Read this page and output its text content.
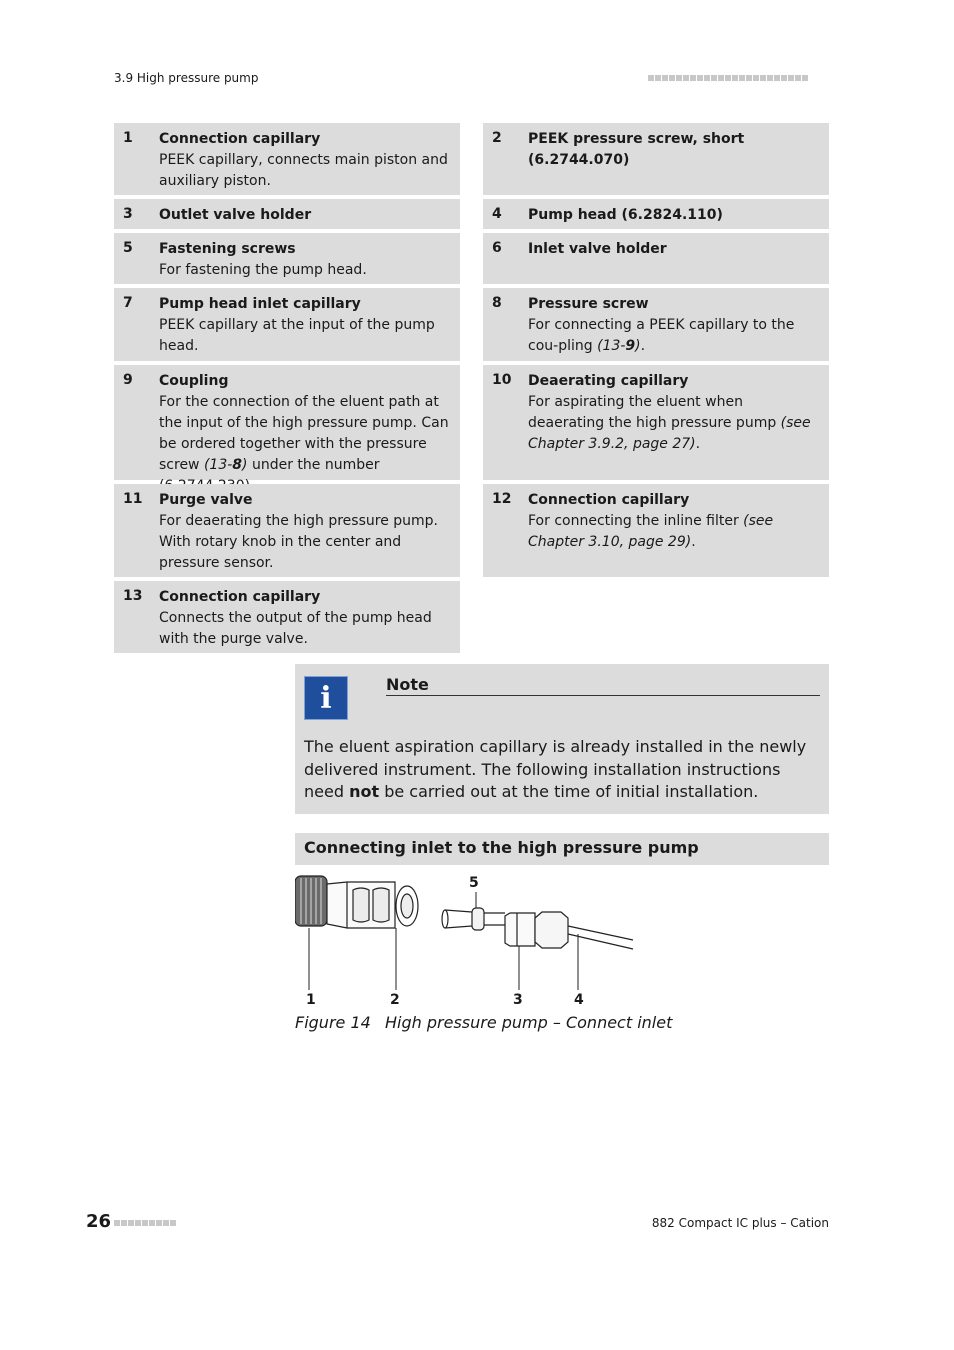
3.9 High pressure pump
1 Connection capillary
PEEK capillary, connects main piston and auxiliary piston.
3 Outlet valve holder
5 Fastening screws
For fastening the pump head.
7 Pump head inlet capillary
PEEK capillary at the input of the pump head.
9 Coupling
For the connection of the eluent path at the input of the high pressure pump. Can be ordered together with the pressure screw (13-8) under the number
11 Purge valve
For deaerating the high pressure pump. With rotary knob in the center and pressure sensor.
13 Connection capillary
Connects the output of the pump head with the purge valve.
2 PEEK pressure screw, short (6.2744.070)
4 Pump head (6.2824.110)
6 Inlet valve holder
8 Pressure screw
For connecting a PEEK capillary to the cou-pling (13-9).
10 Deaerating capillary
For aspirating the eluent when deaerating the high pressure pump (see Chapter 3.9.2, page 27).
12 Connection capillary
For connecting the inline filter (see Chapter 3.10, page 29).
i	Note
The eluent aspiration capillary is already installed in the newly delivered instrument. The following installation instructions need not be carried out at the time of initial installation.
Connecting inlet to the high pressure pump
1	2	3	4
5
Figure 14 High pressure pump – Connect inlet
26	882 Compact IC plus – Cation
